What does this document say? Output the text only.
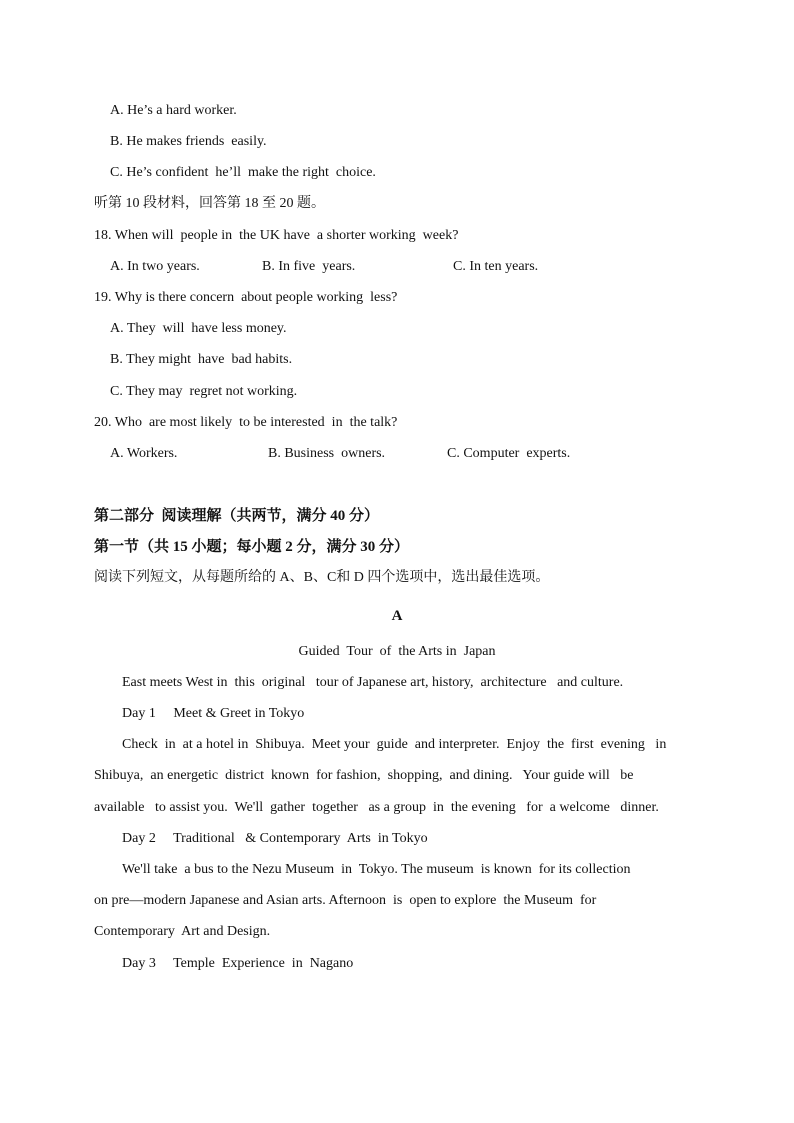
A. He’s a hard worker.
B. He makes friends  easily.
C. He’s confident  he’ll  make the right  choice.
听第 10 段材料，回答第 18 至 20 题。
18. When will  people in  the UK have  a shorter working  week?

A. In two years.

	B. In five  years.

	C. In ten years.

19. Why is there concern  about people working  less?
A. They  will  have less money.
B. They might  have  bad habits.
C. They may  regret not working.
20. Who  are most likely  to be interested  in  the talk?

A. Workers.

	B. Business  owners.

	C. Computer  experts.

第二部分  阅读理解（共两节，满分 40 分）
第一节（共 15 小题；每小题 2 分，满分 30 分）
阅读下列短文，从每题所给的 A、B、C和 D 四个选项中，选出最佳选项。
A
Guided  Tour  of  the Arts in  Japan
East meets West in  this  original   tour of Japanese art, history,  architecture   and culture.
Day 1     Meet & Greet in Tokyo
Check  in  at a hotel in  Shibuya.  Meet your  guide  and interpreter.  Enjoy  the  first  evening   in
Shibuya,  an energetic  district  known  for fashion,  shopping,  and dining.   Your guide will   be
available   to assist you.  We'll  gather  together   as a group  in  the evening   for  a welcome   dinner.
Day 2     Traditional   & Contemporary  Arts  in Tokyo
We'll take  a bus to the Nezu Museum  in  Tokyo. The museum  is known  for its collection
on pre—modern Japanese and Asian arts. Afternoon  is  open to explore  the Museum  for
Contemporary  Art and Design.
Day 3     Temple  Experience  in  Nagano
